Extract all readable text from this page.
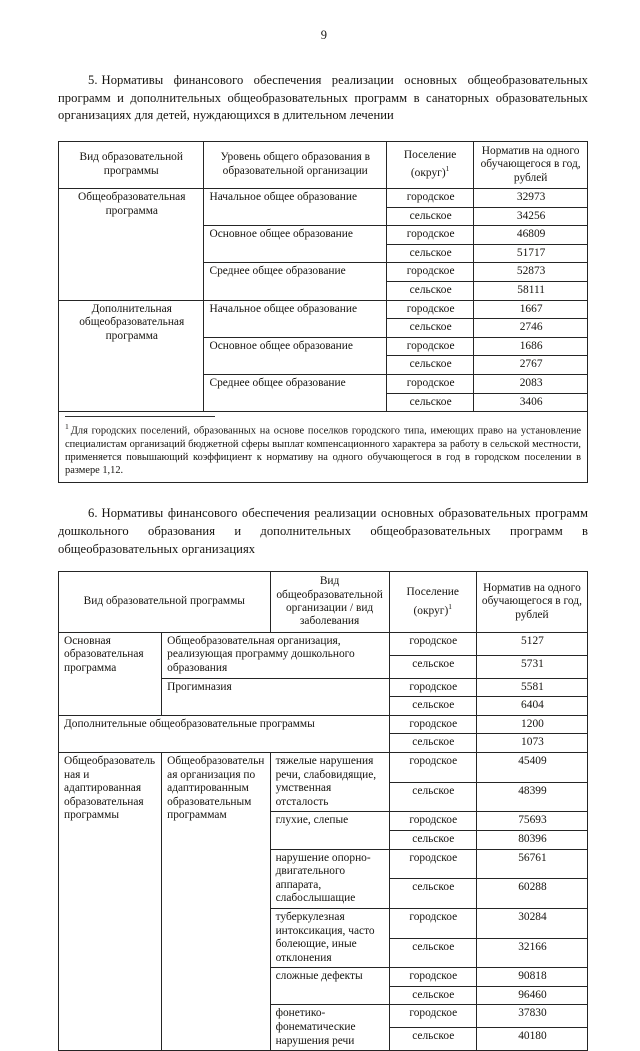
9

5. Нормативы финансового обеспечения реализации основных общеобразовательных программ и дополнительных общеобразовательных программ в санаторных образовательных организациях для детей, нуждающихся в длительном лечении

Вид образовательной программы	Уровень общего образования в образовательной организации	Поселение (округ)$^1$	Норматив на одного обучающегося в год, рублей
Общеобразовательная программа	Начальное общее образование	городское	32973
		сельское	34256
	Основное общее образование	городское	46809
		сельское	51717
	Среднее общее образование	городское	52873
		сельское	58111
Дополнительная общеобразовательная программа	Начальное общее образование	городское	1667
		сельское	2746
	Основное общее образование	городское	1686
		сельское	2767
	Среднее общее образование	городское	2083
		сельское	3406
$^1$ Для городских поселений, образованных на основе поселков городского типа, имеющих право на установление специалистам организаций бюджетной сферы выплат компенсационного характера за работу в сельской местности, применяется повышающий коэффициент к нормативу на одного обучающегося в год в городском поселении в размере 1,12.

6. Нормативы финансового обеспечения реализации основных образовательных программ дошкольного образования и дополнительных общеобразовательных программ в общеобразовательных организациях

Вид образовательной программы		Вид общеобразовательной организации / вид заболевания	Поселение (округ)$^1$	Норматив на одного обучающегося в год, рублей
Основная образовательная программа	Общеобразовательная организация, реализующая программу дошкольного образования		городское	5127
			сельское	5731
	Прогимназия		городское	5581
			сельское	6404
Дополнительные общеобразовательные программы			городское	1200
			сельское	1073
Общеобразовательная и адаптированная образовательная программы	Общеобразовательная организация по адаптированным образовательным программам	тяжелые нарушения речи, слабовидящие, умственная отсталость	городское	45409
			сельское	48399
		глухие, слепые	городское	75693
			сельское	80396
		нарушение опорно-двигательного аппарата, слабослышащие	городское	56761
			сельское	60288
		туберкулезная интоксикация, часто болеющие, иные отклонения	городское	30284
			сельское	32166
		сложные дефекты	городское	90818
			сельское	96460
		фонетико-фонематические нарушения речи	городское	37830
			сельское	40180
